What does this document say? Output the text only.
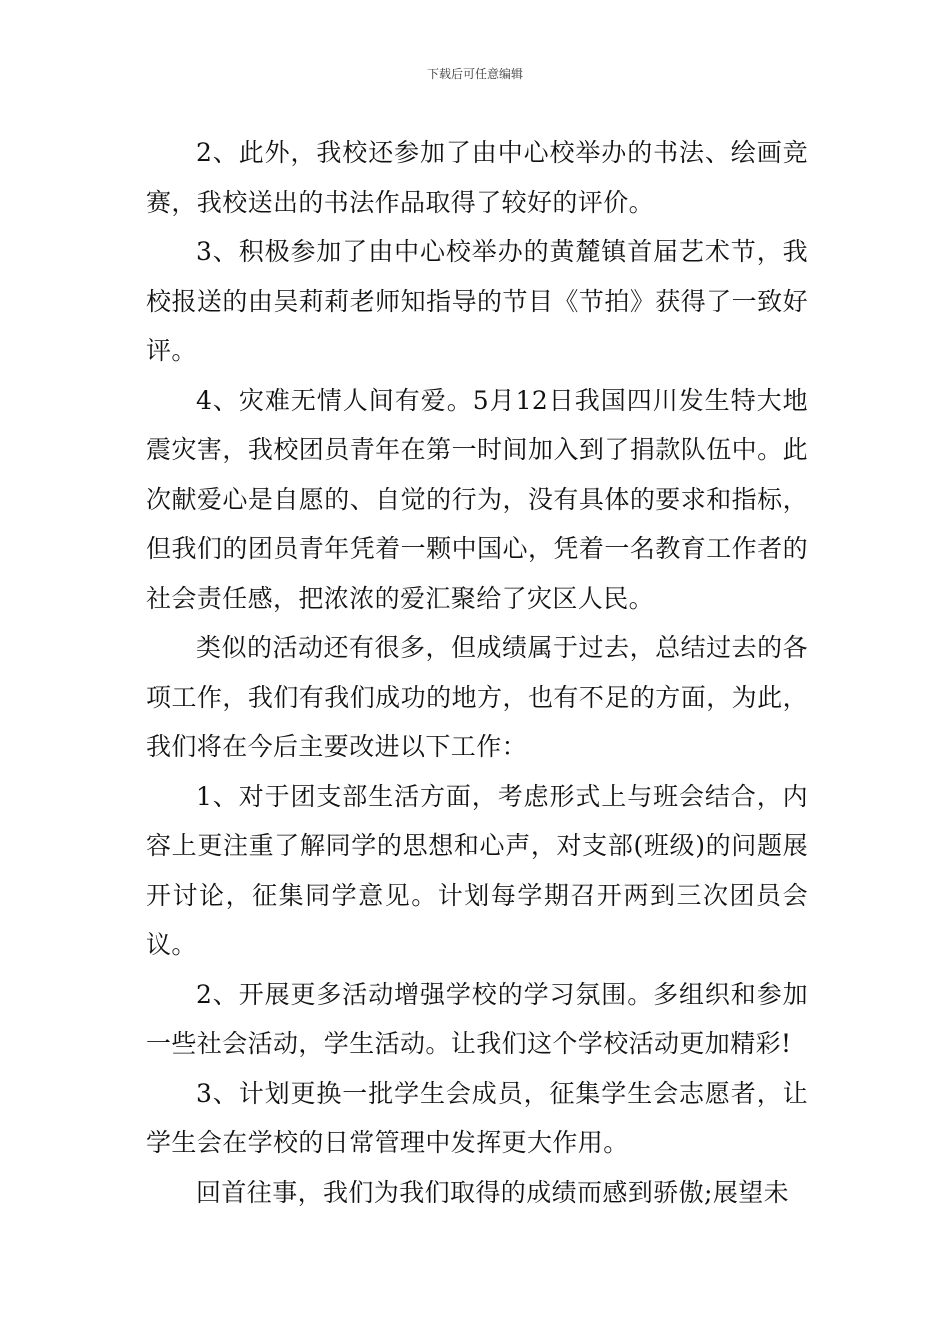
下载后可任意编辑

2、此外，我校还参加了由中心校举办的书法、绘画竞赛，我校送出的书法作品取得了较好的评价。

3、积极参加了由中心校举办的黄麓镇首届艺术节，我校报送的由吴莉莉老师知指导的节目《节拍》获得了一致好评。

4、灾难无情人间有爱。5月12日我国四川发生特大地震灾害，我校团员青年在第一时间加入到了捐款队伍中。此次献爱心是自愿的、自觉的行为，没有具体的要求和指标，但我们的团员青年凭着一颗中国心，凭着一名教育工作者的社会责任感，把浓浓的爱汇聚给了灾区人民。

类似的活动还有很多，但成绩属于过去，总结过去的各项工作，我们有我们成功的地方，也有不足的方面，为此，我们将在今后主要改进以下工作：

1、对于团支部生活方面，考虑形式上与班会结合，内容上更注重了解同学的思想和心声，对支部(班级)的问题展开讨论，征集同学意见。计划每学期召开两到三次团员会议。

2、开展更多活动增强学校的学习氛围。多组织和参加一些社会活动，学生活动。让我们这个学校活动更加精彩!

3、计划更换一批学生会成员，征集学生会志愿者，让学生会在学校的日常管理中发挥更大作用。

回首往事，我们为我们取得的成绩而感到骄傲;展望未
